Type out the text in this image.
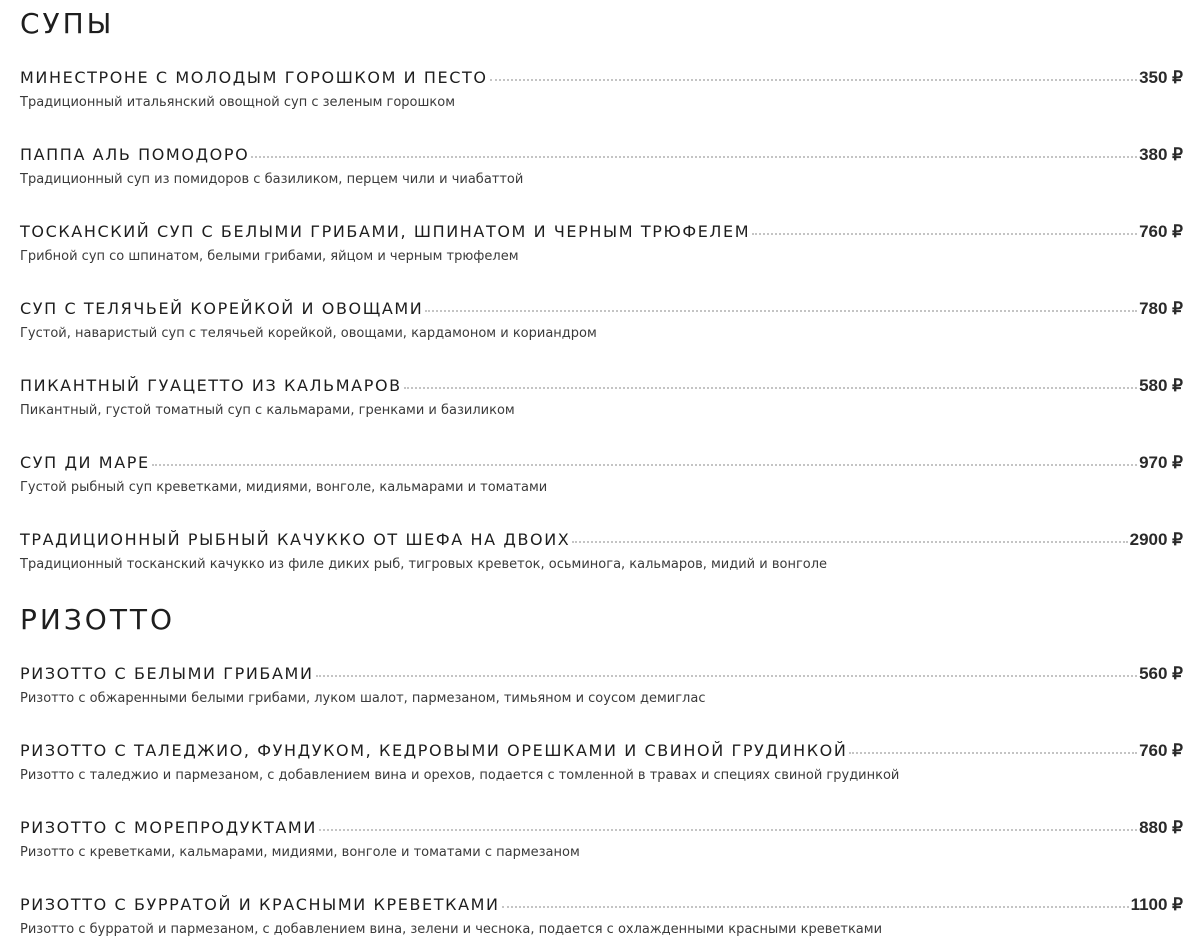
СУПЫ
МИНЕСТРОНЕ С МОЛОДЫМ ГОРОШКОМ И ПЕСТО	350 ₽
Традиционный итальянский овощной суп с зеленым горошком
ПАППА АЛЬ ПОМОДОРО	380 ₽
Традиционный суп из помидоров с базиликом, перцем чили и чиабаттой
ТОСКАНСКИЙ СУП С БЕЛЫМИ ГРИБАМИ, ШПИНАТОМ И ЧЕРНЫМ ТРЮФЕЛЕМ	760 ₽
Грибной суп со шпинатом, белыми грибами, яйцом и черным трюфелем
СУП С ТЕЛЯЧЬЕЙ КОРЕЙКОЙ И ОВОЩАМИ	780 ₽
Густой, наваристый суп с телячьей корейкой, овощами, кардамоном и кориандром
ПИКАНТНЫЙ ГУАЦЕТТО ИЗ КАЛЬМАРОВ	580 ₽
Пикантный, густой томатный суп с кальмарами, гренками и базиликом
СУП ДИ МАРЕ	970 ₽
Густой рыбный суп креветками, мидиями, вонголе, кальмарами и томатами
ТРАДИЦИОННЫЙ РЫБНЫЙ КАЧУККО ОТ ШЕФА НА ДВОИХ	2900 ₽
Традиционный тосканский качукко из филе диких рыб, тигровых креветок, осьминога, кальмаров, мидий и вонголе
РИЗОТТО
РИЗОТТО С БЕЛЫМИ ГРИБАМИ	560 ₽
Ризотто с обжаренными белыми грибами, луком шалот, пармезаном, тимьяном и соусом демиглас
РИЗОТТО С ТАЛЕДЖИО, ФУНДУКОМ, КЕДРОВЫМИ ОРЕШКАМИ И СВИНОЙ ГРУДИНКОЙ	760 ₽
Ризотто с таледжио и пармезаном, с добавлением вина и орехов, подается с томленной в травах и специях свиной грудинкой
РИЗОТТО С МОРЕПРОДУКТАМИ	880 ₽
Ризотто с креветками, кальмарами, мидиями, вонголе и томатами с пармезаном
РИЗОТТО С БУРРАТОЙ И КРАСНЫМИ КРЕВЕТКАМИ	1100 ₽
Ризотто с бурратой и пармезаном, с добавлением вина, зелени и чеснока, подается с охлажденными красными креветками
